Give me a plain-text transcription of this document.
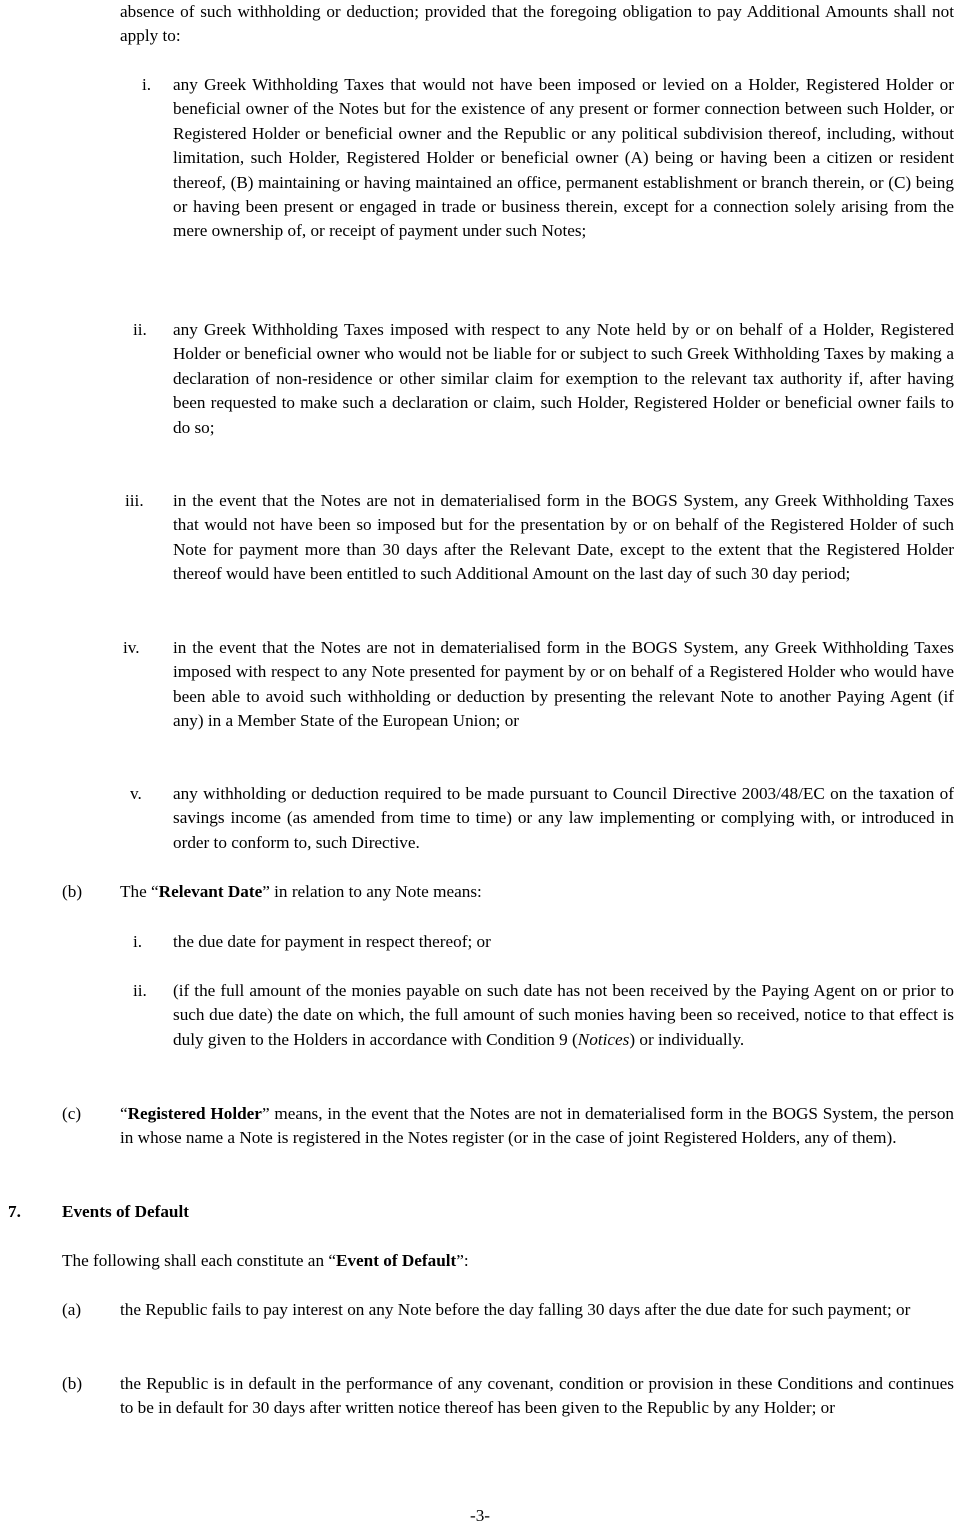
absence of such withholding or deduction; provided that the foregoing obligation to pay Additional Amounts shall not apply to:

i. any Greek Withholding Taxes that would not have been imposed or levied on a Holder, Registered Holder or beneficial owner of the Notes but for the existence of any present or former connection between such Holder, or Registered Holder or beneficial owner and the Republic or any political subdivision thereof, including, without limitation, such Holder, Registered Holder or beneficial owner (A) being or having been a citizen or resident thereof, (B) maintaining or having maintained an office, permanent establishment or branch therein, or (C) being or having been present or engaged in trade or business therein, except for a connection solely arising from the mere ownership of, or receipt of payment under such Notes;

ii. any Greek Withholding Taxes imposed with respect to any Note held by or on behalf of a Holder, Registered Holder or beneficial owner who would not be liable for or subject to such Greek Withholding Taxes by making a declaration of non-residence or other similar claim for exemption to the relevant tax authority if, after having been requested to make such a declaration or claim, such Holder, Registered Holder or beneficial owner fails to do so;

iii. in the event that the Notes are not in dematerialised form in the BOGS System, any Greek Withholding Taxes that would not have been so imposed but for the presentation by or on behalf of the Registered Holder of such Note for payment more than 30 days after the Relevant Date, except to the extent that the Registered Holder thereof would have been entitled to such Additional Amount on the last day of such 30 day period;

iv. in the event that the Notes are not in dematerialised form in the BOGS System, any Greek Withholding Taxes imposed with respect to any Note presented for payment by or on behalf of a Registered Holder who would have been able to avoid such withholding or deduction by presenting the relevant Note to another Paying Agent (if any) in a Member State of the European Union; or

v. any withholding or deduction required to be made pursuant to Council Directive 2003/48/EC on the taxation of savings income (as amended from time to time) or any law implementing or complying with, or introduced in order to conform to, such Directive.

(b) The “Relevant Date” in relation to any Note means:

i. the due date for payment in respect thereof; or

ii. (if the full amount of the monies payable on such date has not been received by the Paying Agent on or prior to such due date) the date on which, the full amount of such monies having been so received, notice to that effect is duly given to the Holders in accordance with Condition 9 (Notices) or individually.

(c) “Registered Holder” means, in the event that the Notes are not in dematerialised form in the BOGS System, the person in whose name a Note is registered in the Notes register (or in the case of joint Registered Holders, any of them).

7. Events of Default

The following shall each constitute an “Event of Default”:

(a) the Republic fails to pay interest on any Note before the day falling 30 days after the due date for such payment; or

(b) the Republic is in default in the performance of any covenant, condition or provision in these Conditions and continues to be in default for 30 days after written notice thereof has been given to the Republic by any Holder; or

-3-
